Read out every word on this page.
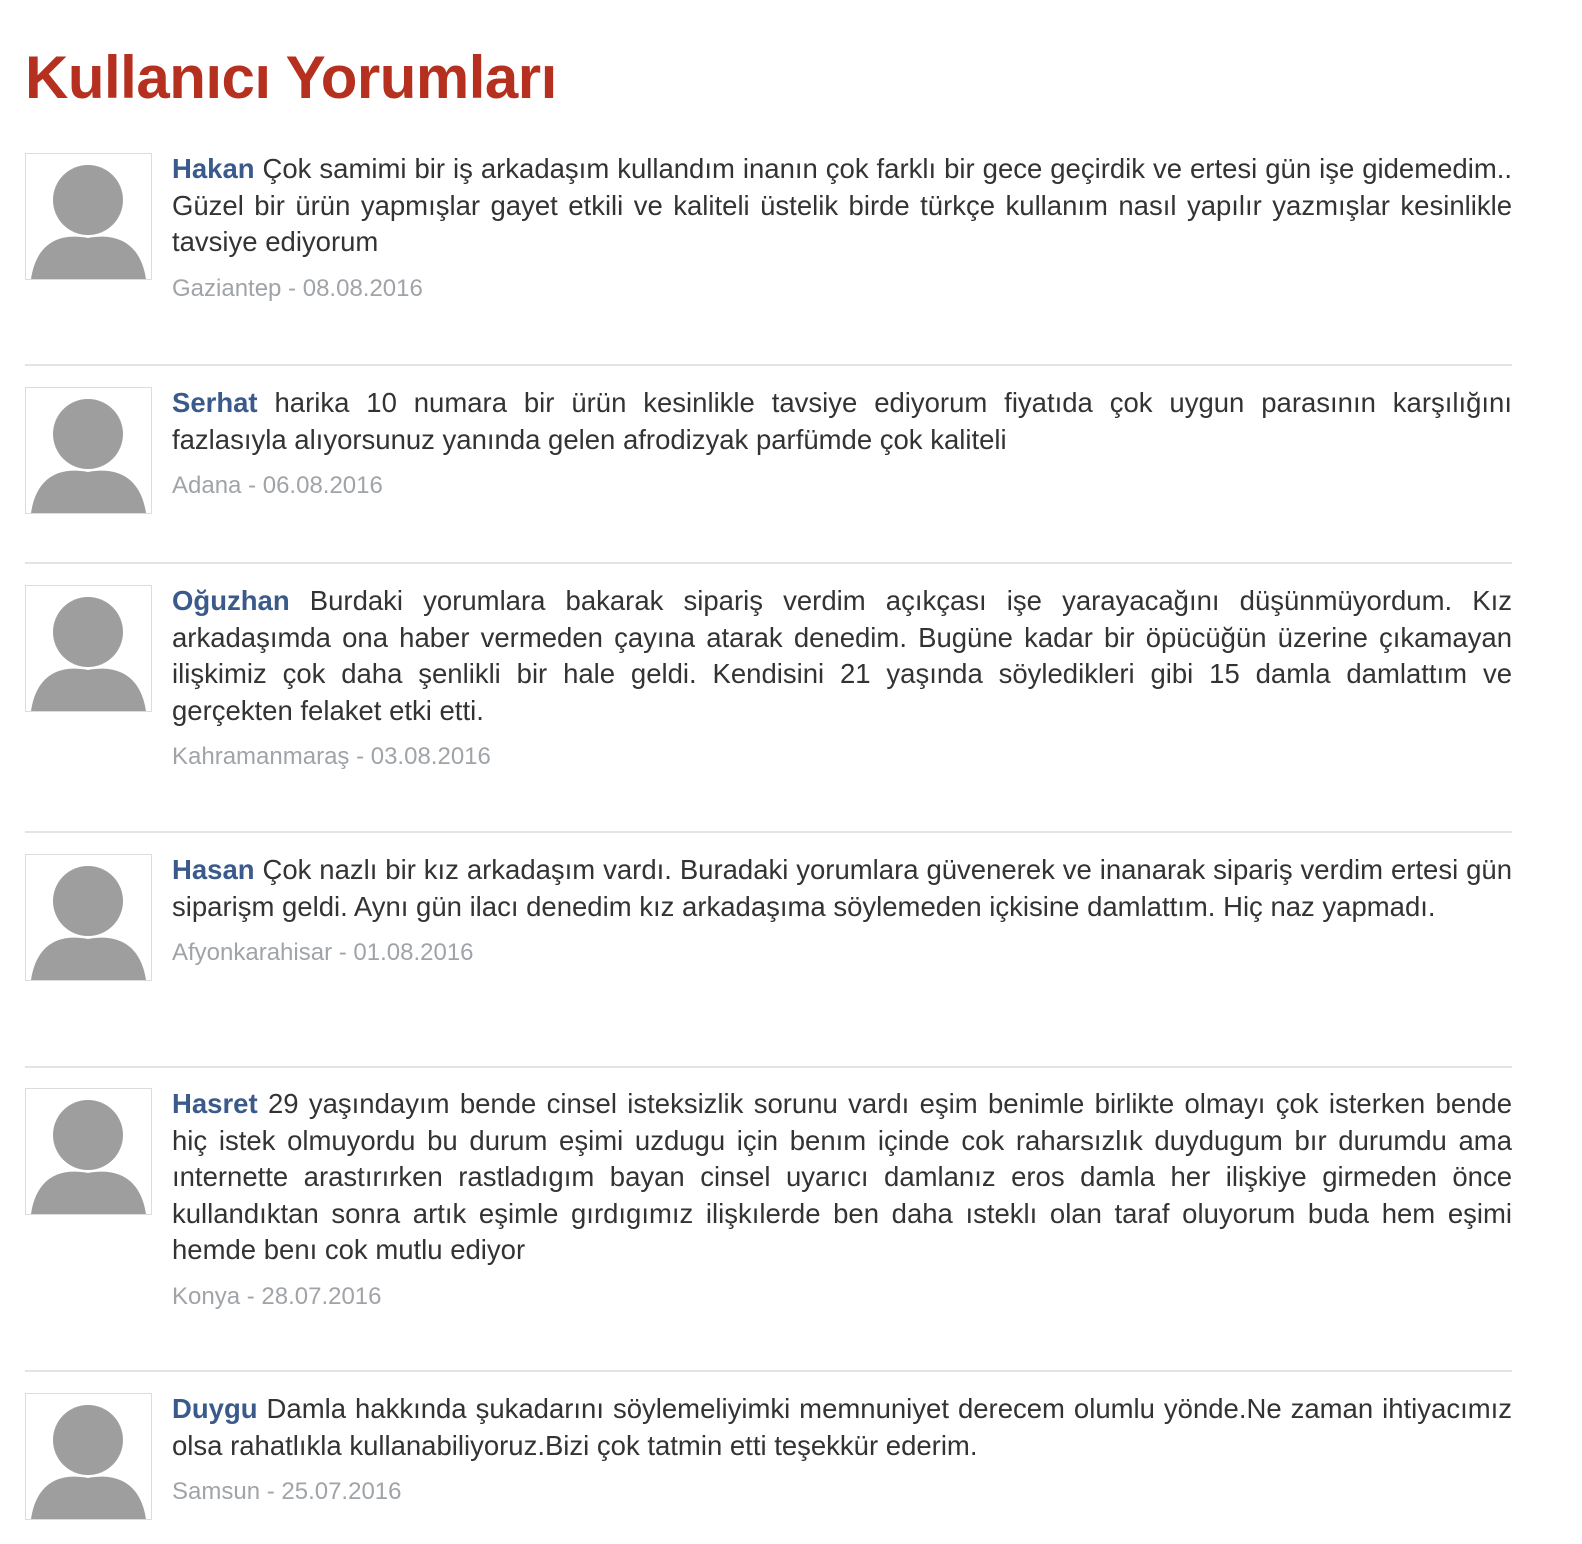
Kullanıcı Yorumları

Hakan Çok samimi bir iş arkadaşım kullandım inanın çok farklı bir gece geçirdik ve ertesi gün işe gidemedim.. Güzel bir ürün yapmışlar gayet etkili ve kaliteli üstelik birde türkçe kullanım nasıl yapılır yazmışlar kesinlikle tavsiye ediyorum

Gaziantep - 08.08.2016

Serhat harika 10 numara bir ürün kesinlikle tavsiye ediyorum fiyatıda çok uygun parasının karşılığını fazlasıyla alıyorsunuz yanında gelen afrodizyak parfümde çok kaliteli

Adana - 06.08.2016

Oğuzhan Burdaki yorumlara bakarak sipariş verdim açıkçası işe yarayacağını düşünmüyordum. Kız arkadaşımda ona haber vermeden çayına atarak denedim. Bugüne kadar bir öpücüğün üzerine çıkamayan ilişkimiz çok daha şenlikli bir hale geldi. Kendisini 21 yaşında söyledikleri gibi 15 damla damlattım ve gerçekten felaket etki etti.

Kahramanmaraş - 03.08.2016

Hasan Çok nazlı bir kız arkadaşım vardı. Buradaki yorumlara güvenerek ve inanarak sipariş verdim ertesi gün siparişm geldi. Aynı gün ilacı denedim kız arkadaşıma söylemeden içkisine damlattım. Hiç naz yapmadı.

Afyonkarahisar - 01.08.2016

Hasret 29 yaşındayım bende cinsel isteksizlik sorunu vardı eşim benimle birlikte olmayı çok isterken bende hiç istek olmuyordu bu durum eşimi uzdugu için benım içinde cok raharsızlık duydugum bır durumdu ama ınternette arastırırken rastladıgım bayan cinsel uyarıcı damlanız eros damla her ilişkiye girmeden önce kullandıktan sonra artık eşimle gırdıgımız ilişkılerde ben daha ısteklı olan taraf oluyorum buda hem eşimi hemde benı cok mutlu ediyor

Konya - 28.07.2016

Duygu Damla hakkında şukadarını söylemeliyimki memnuniyet derecem olumlu yönde.Ne zaman ihtiyacımız olsa rahatlıkla kullanabiliyoruz.Bizi çok tatmin etti teşekkür ederim.

Samsun - 25.07.2016
